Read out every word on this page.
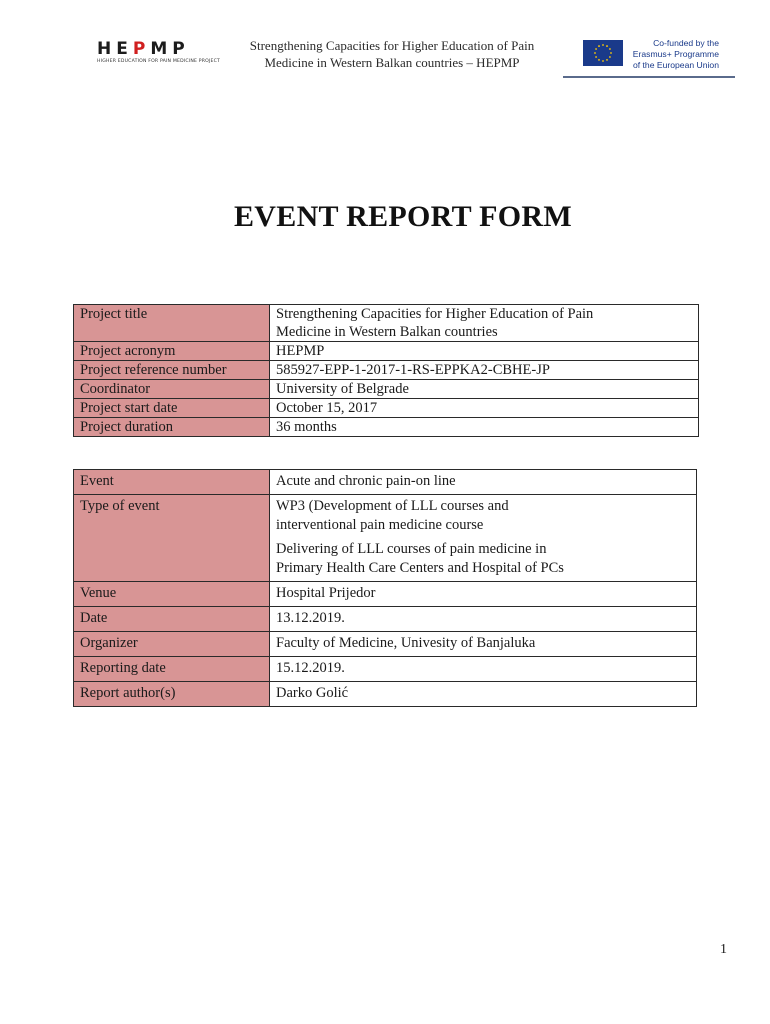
HEPMP
HIGHER EDUCATION FOR PAIN MEDICINE PROJECT
Strengthening Capacities for Higher Education of Pain
Medicine in Western Balkan countries – HEPMP
Co-funded by the
Erasmus+ Programme
of the European Union
EVENT REPORT FORM
Project title	Strengthening Capacities for Higher Education of Pain
Medicine in Western Balkan countries

Project acronym	HEPMP
Project reference number	585927-EPP-1-2017-1-RS-EPPKA2-CBHE-JP
Coordinator	University of Belgrade
Project start date	October 15, 2017
Project duration	36 months
Event	Acute and chronic pain-on line
Type of event	WP3 (Development of LLL courses and
interventional pain medicine course
Delivering of LLL courses of pain medicine in
Primary Health Care Centers and Hospital of PCs

Venue	Hospital Prijedor
Date	13.12.2019.
Organizer	Faculty of Medicine, Univesity of Banjaluka
Reporting date	15.12.2019.
Report author(s)	Darko Golić
1
